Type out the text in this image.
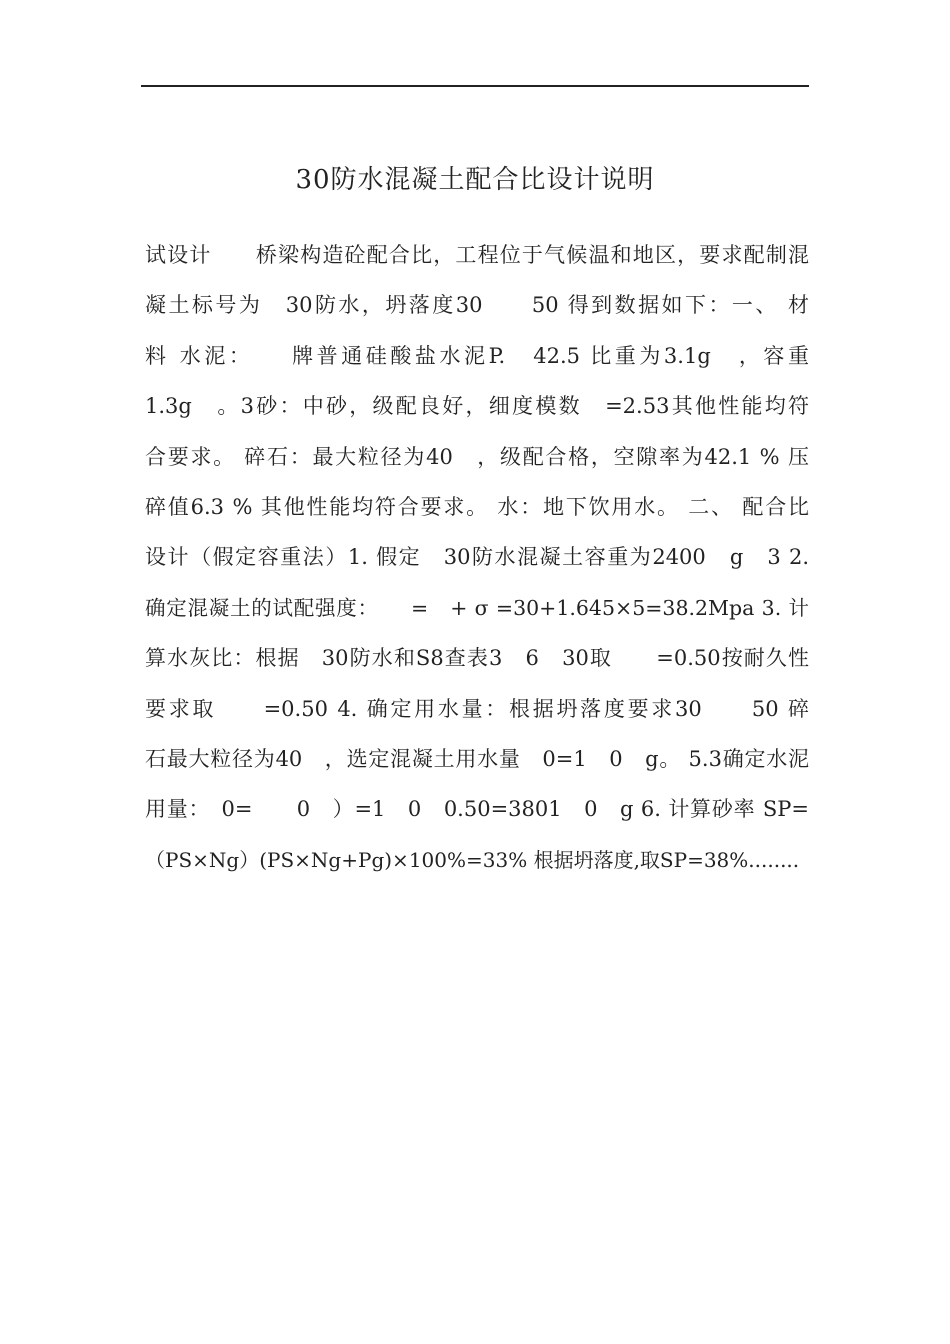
30防水混凝土配合比设计说明
试设计　　桥梁构造砼配合比，工程位于气候温和地区，要求配制混
凝土标号为　30防水，坍落度30　　50 得到数据如下：一、 材
料 水泥：　　牌普通硅酸盐水泥P.　42.5 比重为3.1g　，容重
1.3g　。3砂：中砂，级配良好，细度模数　=2.53其他性能均符
合要求。 碎石：最大粒径为40　，级配合格，空隙率为42.1 % 压
碎值6.3 % 其他性能均符合要求。 水：地下饮用水。 二、 配合比
设计（假定容重法）1. 假定　30防水混凝土容重为2400　g　3 2.
确定混凝土的试配强度：　　=　+ σ =30+1.645×5=38.2Mpa 3. 计
算水灰比：根据　30防水和S8查表3　6　30取　　=0.50按耐久性
要求取　　=0.50 4. 确定用水量：根据坍落度要求30　　50 碎
石最大粒径为40　，选定混凝土用水量　0=1　0　g。 5.3确定水泥
用量：　0=　　0　）=1　0　0.50=3801　0　g 6. 计算砂率 SP=
（PS×Ng）(PS×Ng+Pg)×100%=33% 根据坍落度,取SP=38%........
